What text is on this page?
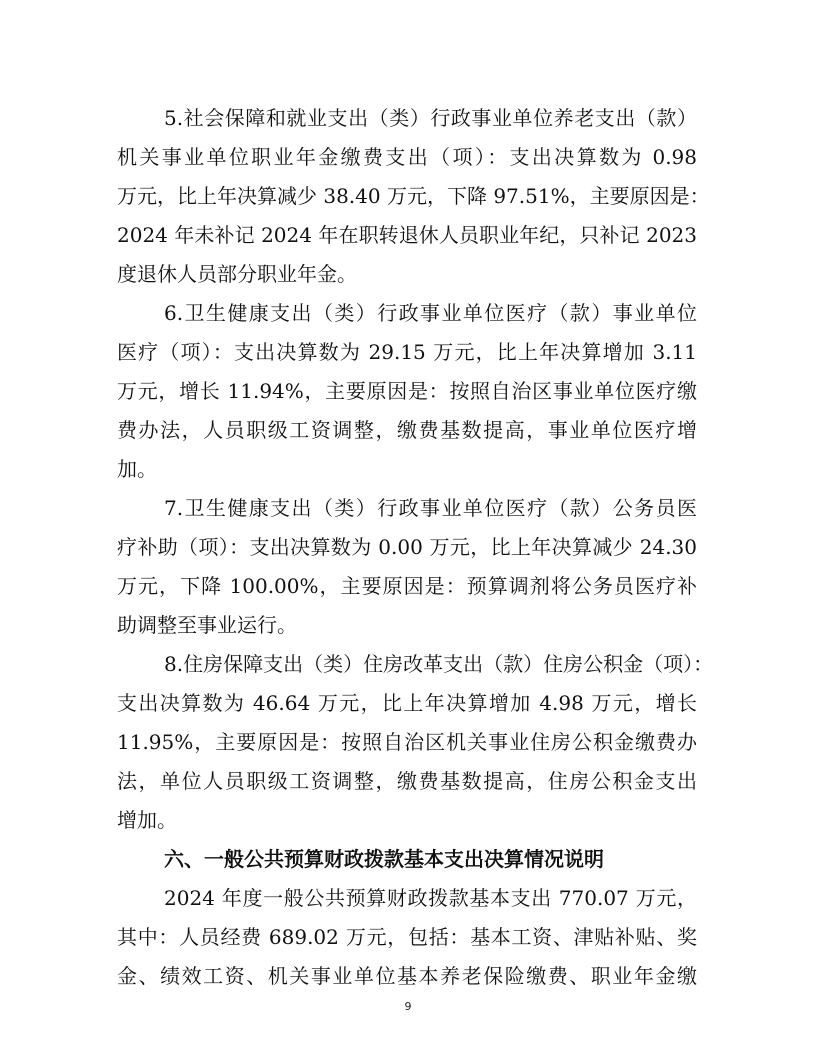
5.社会保障和就业支出（类）行政事业单位养老支出（款）
机关事业单位职业年金缴费支出（项）：支出决算数为 0.98
万元，比上年决算减少 38.40 万元，下降 97.51%，主要原因是：
2024 年未补记 2024 年在职转退休人员职业年纪，只补记 2023
度退休人员部分职业年金。
6.卫生健康支出（类）行政事业单位医疗（款）事业单位
医疗（项）：支出决算数为 29.15 万元，比上年决算增加 3.11
万元，增长 11.94%，主要原因是：按照自治区事业单位医疗缴
费办法，人员职级工资调整，缴费基数提高，事业单位医疗增
加。
7.卫生健康支出（类）行政事业单位医疗（款）公务员医
疗补助（项）：支出决算数为 0.00 万元，比上年决算减少 24.30
万元，下降 100.00%，主要原因是：预算调剂将公务员医疗补
助调整至事业运行。
8.住房保障支出（类）住房改革支出（款）住房公积金（项）：
支出决算数为 46.64 万元，比上年决算增加 4.98 万元，增长
11.95%，主要原因是：按照自治区机关事业住房公积金缴费办
法，单位人员职级工资调整，缴费基数提高，住房公积金支出
增加。
六、一般公共预算财政拨款基本支出决算情况说明
2024 年度一般公共预算财政拨款基本支出 770.07 万元，
其中：人员经费 689.02 万元，包括：基本工资、津贴补贴、奖
金、绩效工资、机关事业单位基本养老保险缴费、职业年金缴
9
